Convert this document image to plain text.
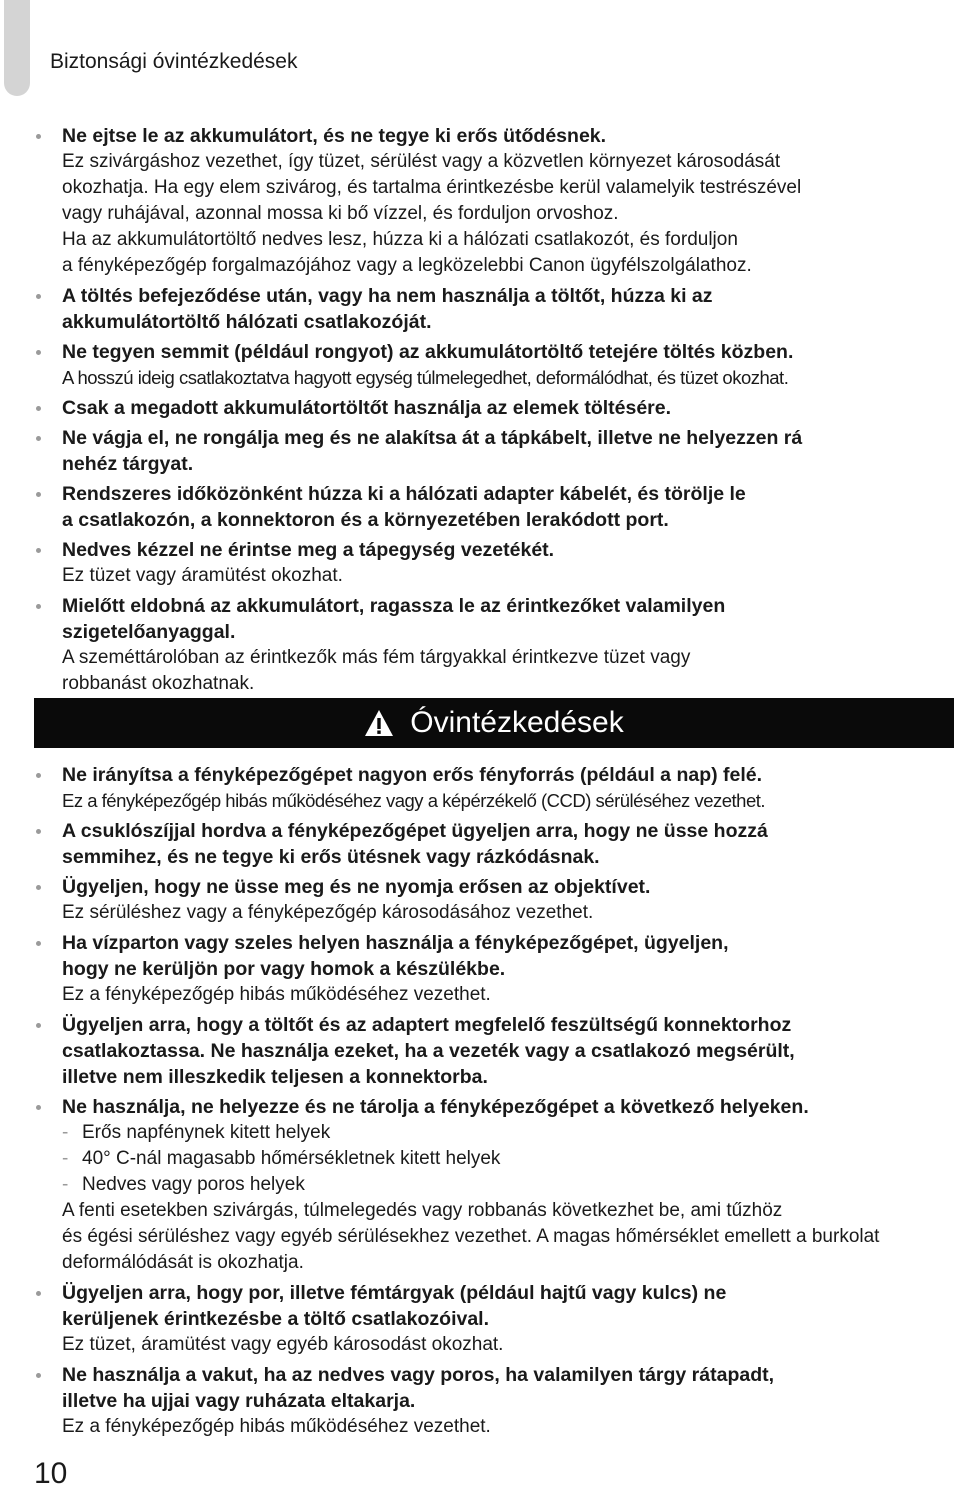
Biztonsági óvintézkedések
Ne ejtse le az akkumulátort, és ne tegye ki erős ütődésnek.
Ez szivárgáshoz vezethet, így tüzet, sérülést vagy a közvetlen környezet károsodását
okozhatja. Ha egy elem szivárog, és tartalma érintkezésbe kerül valamelyik testrészével
vagy ruhájával, azonnal mossa ki bő vízzel, és forduljon orvoshoz.
Ha az akkumulátortöltő nedves lesz, húzza ki a hálózati csatlakozót, és forduljon
a fényképezőgép forgalmazójához vagy a legközelebbi Canon ügyfélszolgálathoz.
A töltés befejeződése után, vagy ha nem használja a töltőt, húzza ki az
akkumulátortöltő hálózati csatlakozóját.
Ne tegyen semmit (például rongyot) az akkumulátortöltő tetejére töltés közben.
A hosszú ideig csatlakoztatva hagyott egység túlmelegedhet, deformálódhat, és tüzet okozhat.
Csak a megadott akkumulátortöltőt használja az elemek töltésére.
Ne vágja el, ne rongálja meg és ne alakítsa át a tápkábelt, illetve ne helyezzen rá
nehéz tárgyat.
Rendszeres időközönként húzza ki a hálózati adapter kábelét, és törölje le
a csatlakozón, a konnektoron és a környezetében lerakódott port.
Nedves kézzel ne érintse meg a tápegység vezetékét.
Ez tüzet vagy áramütést okozhat.
Mielőtt eldobná az akkumulátort, ragassza le az érintkezőket valamilyen
szigetelőanyaggal.
A szeméttárolóban az érintkezők más fém tárgyakkal érintkezve tüzet vagy
robbanást okozhatnak.
Óvintézkedések
Ne irányítsa a fényképezőgépet nagyon erős fényforrás (például a nap) felé.
Ez a fényképezőgép hibás működéséhez vagy a képérzékelő (CCD) sérüléséhez vezethet.
A csuklószíjjal hordva a fényképezőgépet ügyeljen arra, hogy ne üsse hozzá
semmihez, és ne tegye ki erős ütésnek vagy rázkódásnak.
Ügyeljen, hogy ne üsse meg és ne nyomja erősen az objektívet.
Ez sérüléshez vagy a fényképezőgép károsodásához vezethet.
Ha vízparton vagy szeles helyen használja a fényképezőgépet, ügyeljen,
hogy ne kerüljön por vagy homok a készülékbe.
Ez a fényképezőgép hibás működéséhez vezethet.
Ügyeljen arra, hogy a töltőt és az adaptert megfelelő feszültségű konnektorhoz
csatlakoztassa. Ne használja ezeket, ha a vezeték vagy a csatlakozó megsérült,
illetve nem illeszkedik teljesen a konnektorba.
Ne használja, ne helyezze és ne tárolja a fényképezőgépet a következő helyeken.
- Erős napfénynek kitett helyek
- 40° C-nál magasabb hőmérsékletnek kitett helyek
- Nedves vagy poros helyek
A fenti esetekben szivárgás, túlmelegedés vagy robbanás következhet be, ami tűzhöz
és égési sérüléshez vagy egyéb sérülésekhez vezethet. A magas hőmérséklet emellett a burkolat
deformálódását is okozhatja.
Ügyeljen arra, hogy por, illetve fémtárgyak (például hajtű vagy kulcs) ne
kerüljenek érintkezésbe a töltő csatlakozóival.
Ez tüzet, áramütést vagy egyéb károsodást okozhat.
Ne használja a vakut, ha az nedves vagy poros, ha valamilyen tárgy rátapadt,
illetve ha ujjai vagy ruházata eltakarja.
Ez a fényképezőgép hibás működéséhez vezethet.
10
